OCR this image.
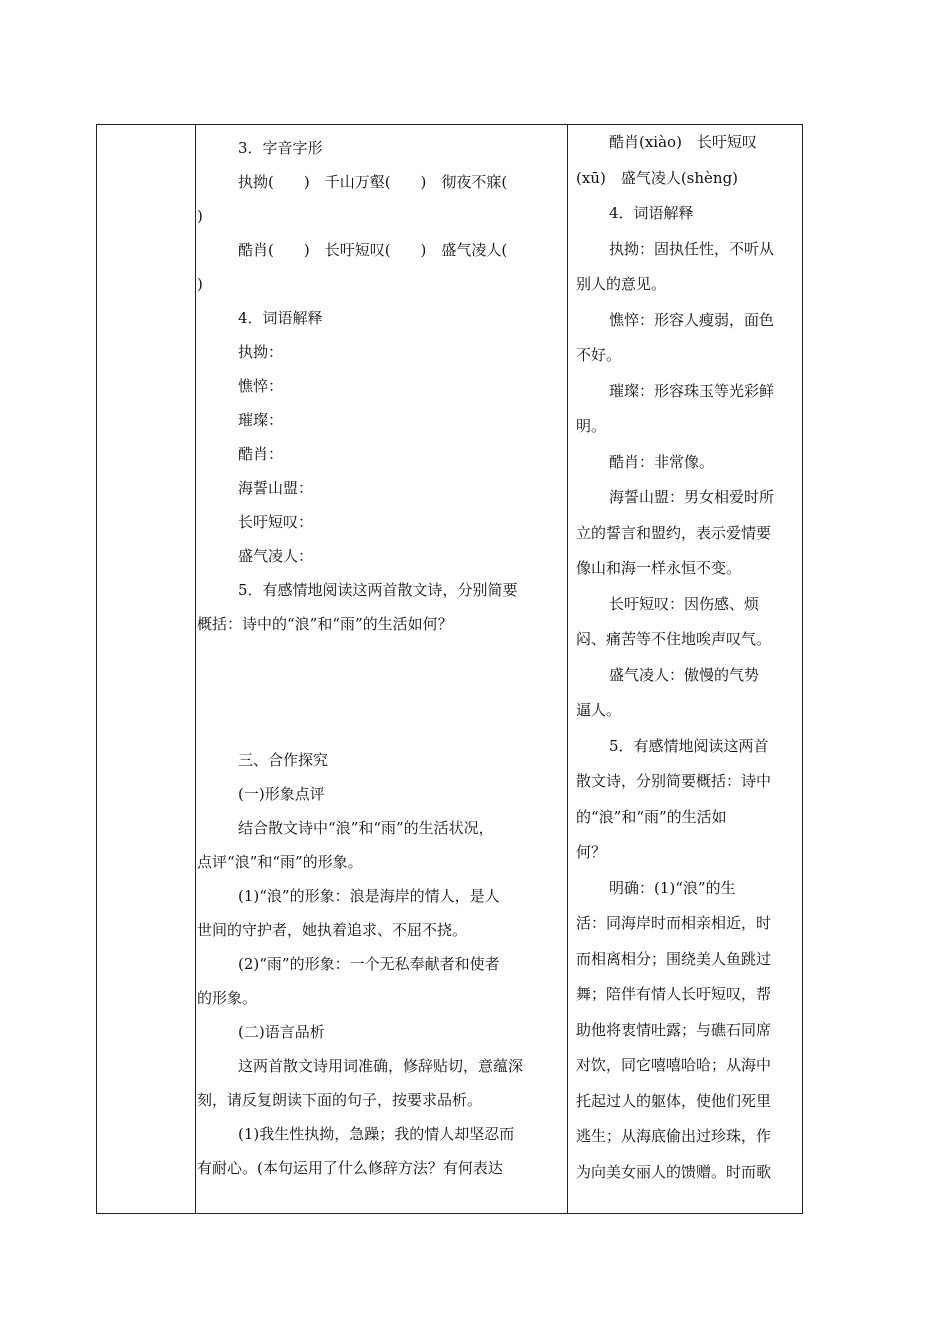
3．字音字形

执拗(　　)　千山万壑(　　)　彻夜不寐(

)

酷肖(　　)　长吁短叹(　　)　盛气凌人(

)

4．词语解释

执拗：

憔悴：

璀璨：

酷肖：

海誓山盟：

长吁短叹：

盛气凌人：

5．有感情地阅读这两首散文诗，分别简要

概括：诗中的“浪”和“雨”的生活如何？

三、合作探究

(一)形象点评

结合散文诗中“浪”和“雨”的生活状况，

点评“浪”和“雨”的形象。

(1)“浪”的形象：浪是海岸的情人，是人

世间的守护者，她执着追求、不屈不挠。

(2)“雨”的形象：一个无私奉献者和使者

的形象。

(二)语言品析

这两首散文诗用词准确，修辞贴切，意蕴深

刻，请反复朗读下面的句子，按要求品析。

(1)我生性执拗，急躁；我的情人却坚忍而

有耐心。(本句运用了什么修辞方法？有何表达

酷肖(xiào)　长吁短叹

(xū)　盛气凌人(shèng)

4．词语解释

执拗：固执任性，不听从

别人的意见。

憔悴：形容人瘦弱，面色

不好。

璀璨：形容珠玉等光彩鲜

明。

酷肖：非常像。

海誓山盟：男女相爱时所

立的誓言和盟约，表示爱情要

像山和海一样永恒不变。

长吁短叹：因伤感、烦

闷、痛苦等不住地唉声叹气。

盛气凌人：傲慢的气势

逼人。

5．有感情地阅读这两首

散文诗，分别简要概括：诗中

的“浪”和“雨”的生活如

何？

明确：(1)“浪”的生

活：同海岸时而相亲相近，时

而相离相分；围绕美人鱼跳过

舞；陪伴有情人长吁短叹，帮

助他将衷情吐露；与礁石同席

对饮，同它嘻嘻哈哈；从海中

托起过人的躯体，使他们死里

逃生；从海底偷出过珍珠，作

为向美女丽人的馈赠。时而歌
